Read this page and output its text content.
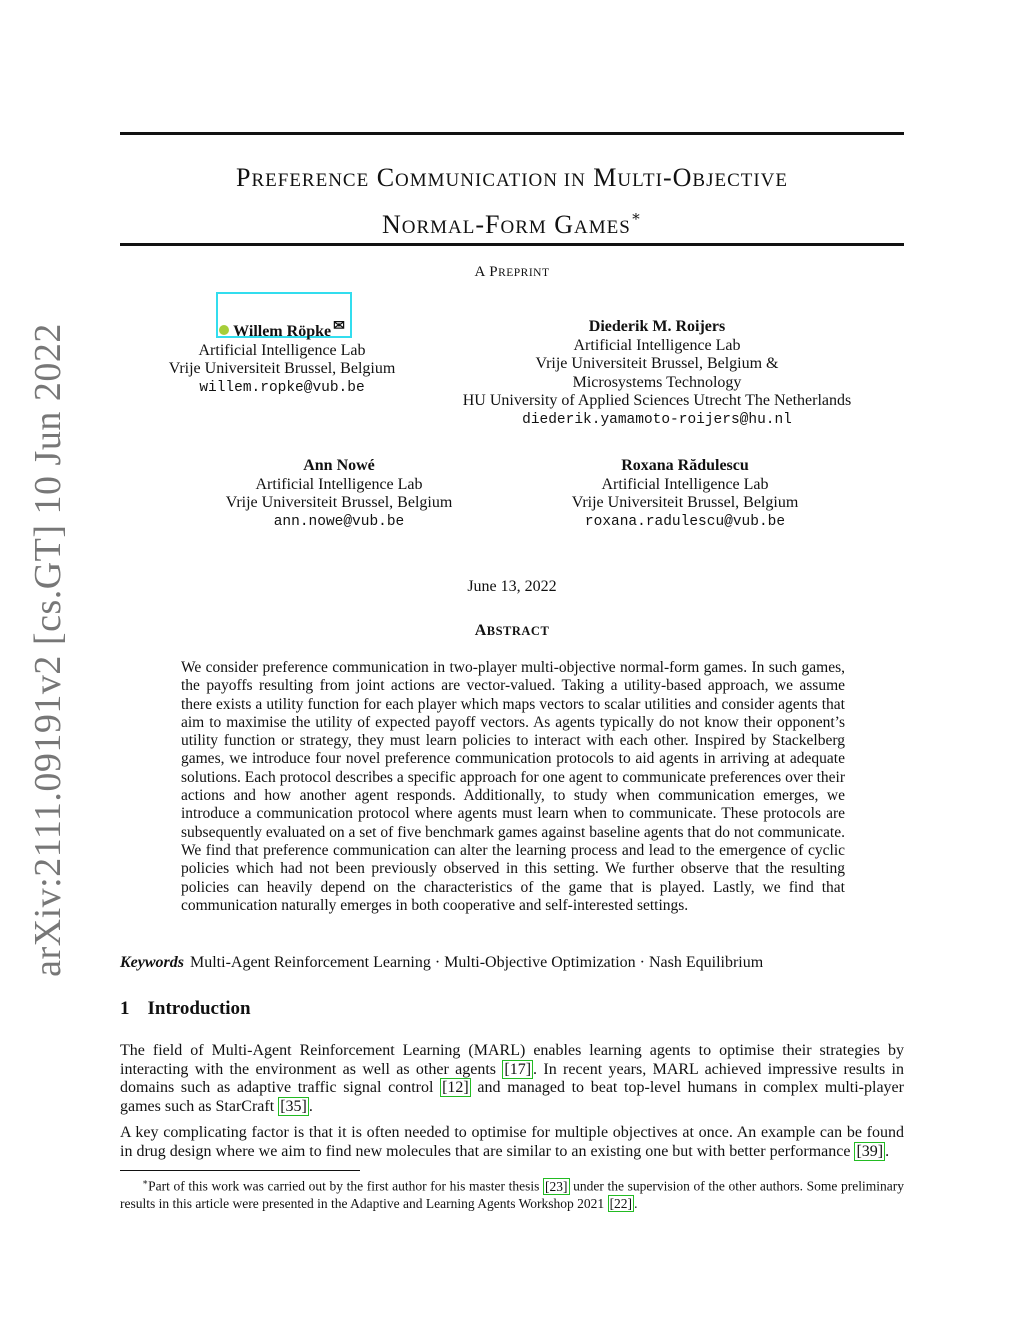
arXiv:2111.09191v2 [cs.GT] 10 Jun 2022
PREFERENCE COMMUNICATION IN MULTI-OBJECTIVE
NORMAL-FORM GAMES∗
A PREPRINT
Willem Röpke ✉
Artificial Intelligence Lab
Vrije Universiteit Brussel, Belgium
willem.ropke@vub.be
Diederik M. Roijers
Artificial Intelligence Lab
Vrije Universiteit Brussel, Belgium &
Microsystems Technology
HU University of Applied Sciences Utrecht The Netherlands
diederik.yamamoto-roijers@hu.nl
Ann Nowé
Artificial Intelligence Lab
Vrije Universiteit Brussel, Belgium
ann.nowe@vub.be
Roxana Rădulescu
Artificial Intelligence Lab
Vrije Universiteit Brussel, Belgium
roxana.radulescu@vub.be
June 13, 2022
ABSTRACT

We consider preference communication in two-player multi-objective normal-form games. In such games, the payoffs resulting from joint actions are vector-valued. Taking a utility-based approach, we assume there exists a utility function for each player which maps vectors to scalar utilities and consider agents that aim to maximise the utility of expected payoff vectors. As agents typically do not know their opponent’s utility function or strategy, they must learn policies to interact with each other. Inspired by Stackelberg games, we introduce four novel preference communication protocols to aid agents in arriving at adequate solutions. Each protocol describes a specific approach for one agent to communicate preferences over their actions and how another agent responds. Additionally, to study when communication emerges, we introduce a communication protocol where agents must learn when to communicate. These protocols are subsequently evaluated on a set of five benchmark games against baseline agents that do not communicate. We find that preference communication can alter the learning process and lead to the emergence of cyclic policies which had not been previously observed in this setting. We further observe that the resulting policies can heavily depend on the characteristics of the game that is played. Lastly, we find that communication naturally emerges in both cooperative and self-interested settings.

Keywords Multi-Agent Reinforcement Learning · Multi-Objective Optimization · Nash Equilibrium
1 Introduction

The field of Multi-Agent Reinforcement Learning (MARL) enables learning agents to optimise their strategies by interacting with the environment as well as other agents [17] . In recent years, MARL achieved impressive results in domains such as adaptive traffic signal control [12] and managed to beat top-level humans in complex multi-player games such as StarCraft [35] .

A key complicating factor is that it is often needed to optimise for multiple objectives at once. An example can be found in drug design where we aim to find new molecules that are similar to an existing one but with better performance [39] .

∗Part of this work was carried out by the first author for his master thesis [23] under the supervision of the other authors. Some preliminary results in this article were presented in the Adaptive and Learning Agents Workshop 2021 [22] .
